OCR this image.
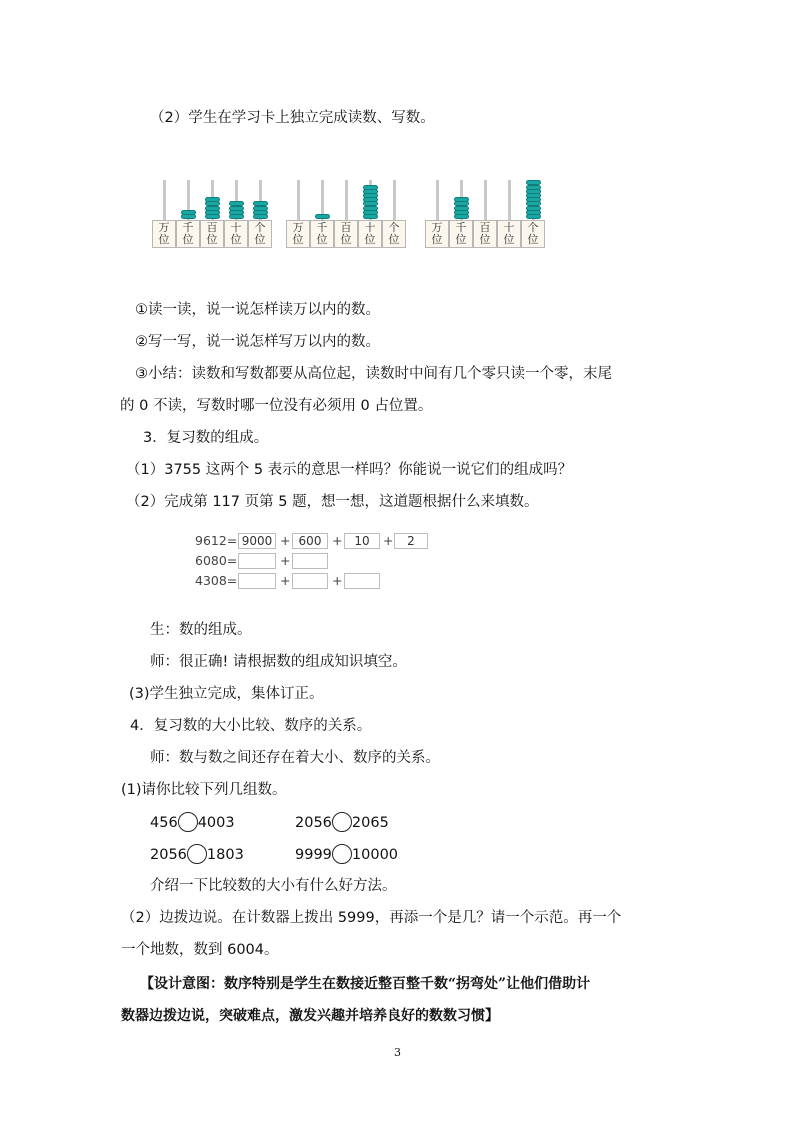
（2）学生在学习卡上独立完成读数、写数。
万
位
千
位
百
位
十
位
个
位
万
位
千
位
百
位
十
位
个
位
万
位
千
位
百
位
十
位
个
位
①读一读，说一说怎样读万以内的数。
②写一写，说一说怎样写万以内的数。
③小结：读数和写数都要从高位起，读数时中间有几个零只读一个零，末尾
的 0 不读，写数时哪一位没有必须用 0 占位置。
3．复习数的组成。
（1）3755 这两个 5 表示的意思一样吗？你能说一说它们的组成吗？
（2）完成第 117 页第 5 题，想一想，这道题根据什么来填数。
9612= 9000 + 600 + 10	+	2
6080=	+
4308=	+	+
生：数的组成。
师：很正确! 请根据数的组成知识填空。
(3)学生独立完成，集体订正。
4．复习数的大小比较、数序的关系。
师：数与数之间还存在着大小、数序的关系。
(1)请你比较下列几组数。
456 4003	2056 2065
2056 1803	9999 10000
介绍一下比较数的大小有什么好方法。
（2）边拨边说。在计数器上拨出 5999，再添一个是几？请一个示范。再一个
一个地数，数到 6004。
【设计意图：数序特别是学生在数接近整百整千数“拐弯处”让他们借助计
数器边拨边说，突破难点，激发兴趣并培养良好的数数习惯】
3
